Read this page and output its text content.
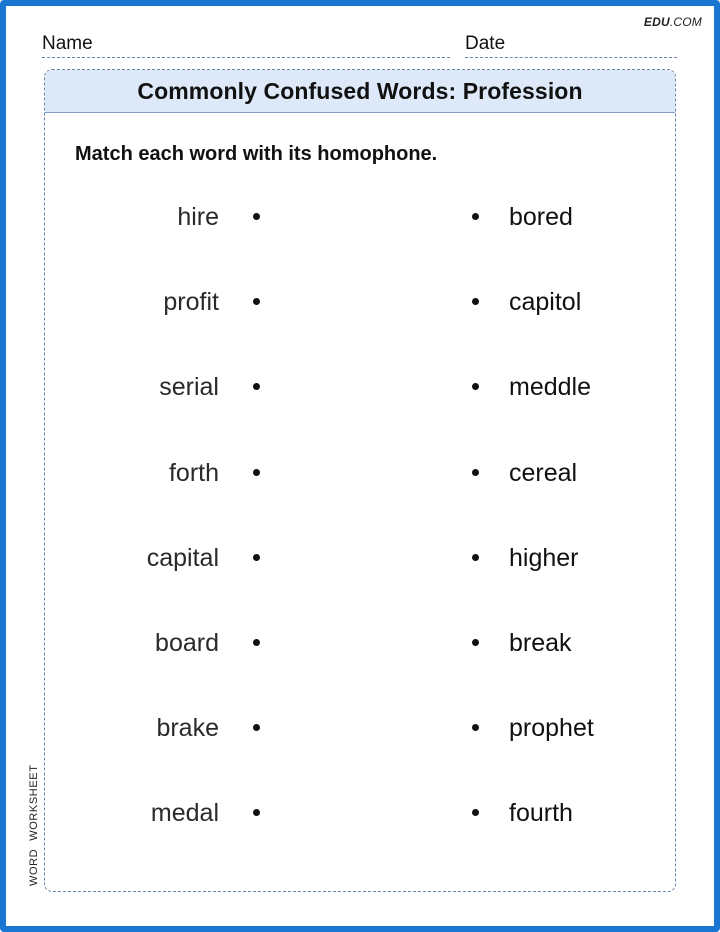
EDU.COM
Name	Date
Commonly Confused Words: Profession
Match each word with its homophone.
hire	bored
profit	capitol
serial	meddle
forth	cereal
capital	higher
board	break
brake	prophet
medal	fourth
WORDWORKSHEET
